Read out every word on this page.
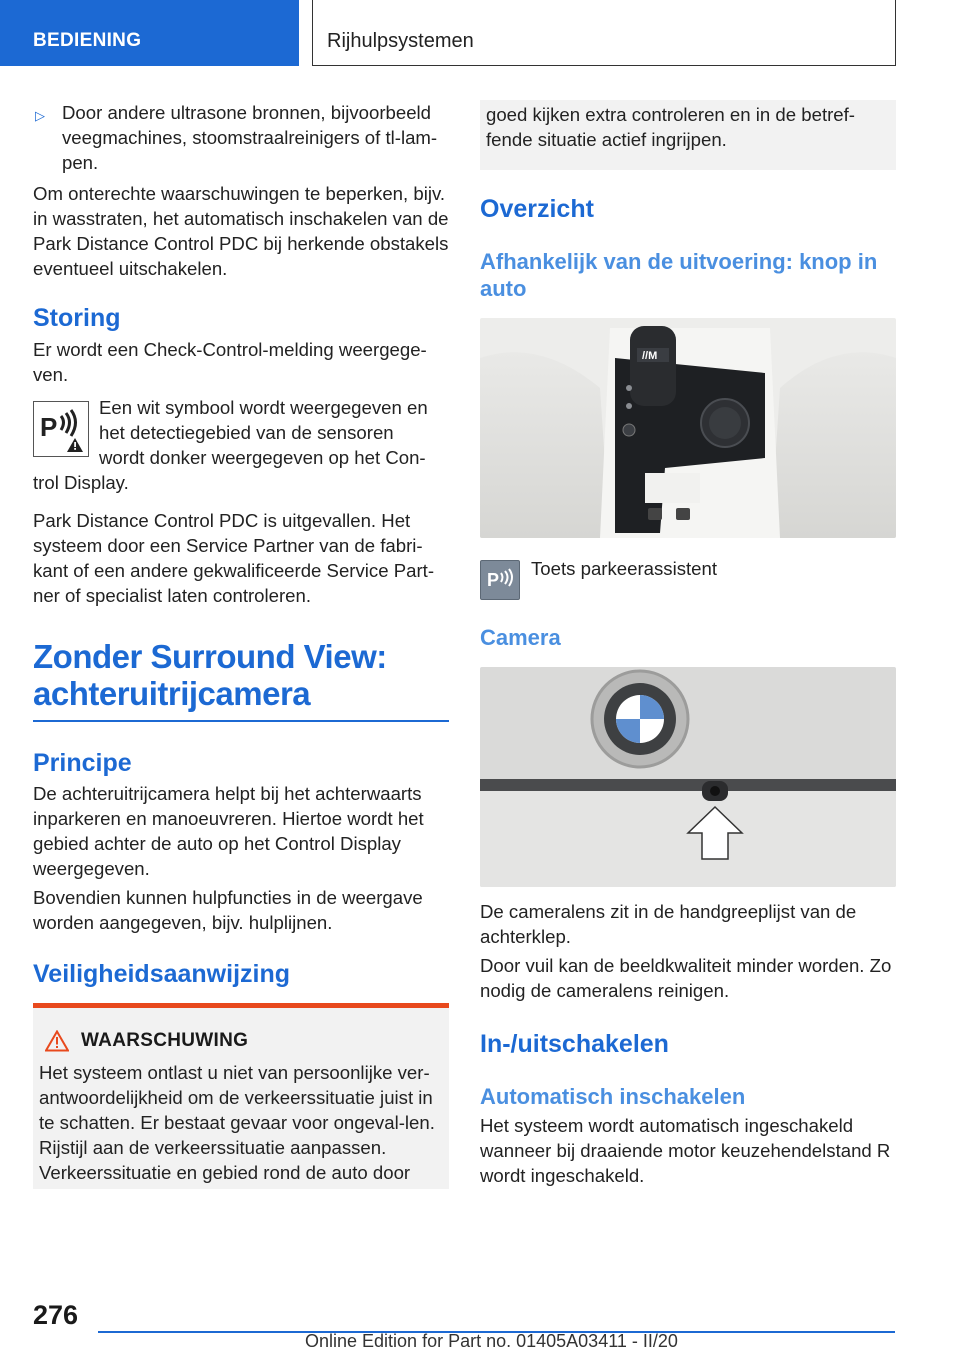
BEDIENING	Rijhulpsystemen
▷ Door andere ultrasone bronnen, bijvoorbeeld veegmachines, stoomstraalreinigers of tl-lam-pen.

Om onterechte waarschuwingen te beperken, bijv. in wasstraten, het automatisch inschakelen van de Park Distance Control PDC bij herkende obstakels eventueel uitschakelen.

Storing

Er wordt een Check-Control-melding weergege-ven.

P
Een wit symbool wordt weergegeven en
het detectiegebied van de sensoren
wordt donker weergegeven op het Con-
trol Display.

Park Distance Control PDC is uitgevallen. Het systeem door een Service Partner van de fabri-kant of een andere gekwalificeerde Service Part-ner of specialist laten controleren.

Zonder Surround View: achteruitrijcamera
Principe

De achteruitrijcamera helpt bij het achterwaarts inparkeren en manoeuvreren. Hiertoe wordt het gebied achter de auto op het Control Display weergegeven.

Bovendien kunnen hulpfuncties in de weergave worden aangegeven, bijv. hulplijnen.

Veiligheidsaanwijzing
WAARSCHUWING

Het systeem ontlast u niet van persoonlijke ver-antwoordelijkheid om de verkeerssituatie juist in te schatten. Er bestaat gevaar voor ongeval-len. Rijstijl aan de verkeerssituatie aanpassen. Verkeerssituatie en gebied rond de auto door

goed kijken extra controleren en in de betref-fende situatie actief ingrijpen.

Overzicht
Afhankelijk van de uitvoering: knop in auto
//M
P
Toets parkeerassistent
Camera

De cameralens zit in de handgreeplijst van de achterklep.

Door vuil kan de beeldkwaliteit minder worden. Zo nodig de cameralens reinigen.

In-/uitschakelen
Automatisch inschakelen

Het systeem wordt automatisch ingeschakeld wanneer bij draaiende motor keuzehendelstand R wordt ingeschakeld.

276
Online Edition for Part no. 01405A03411 - II/20
